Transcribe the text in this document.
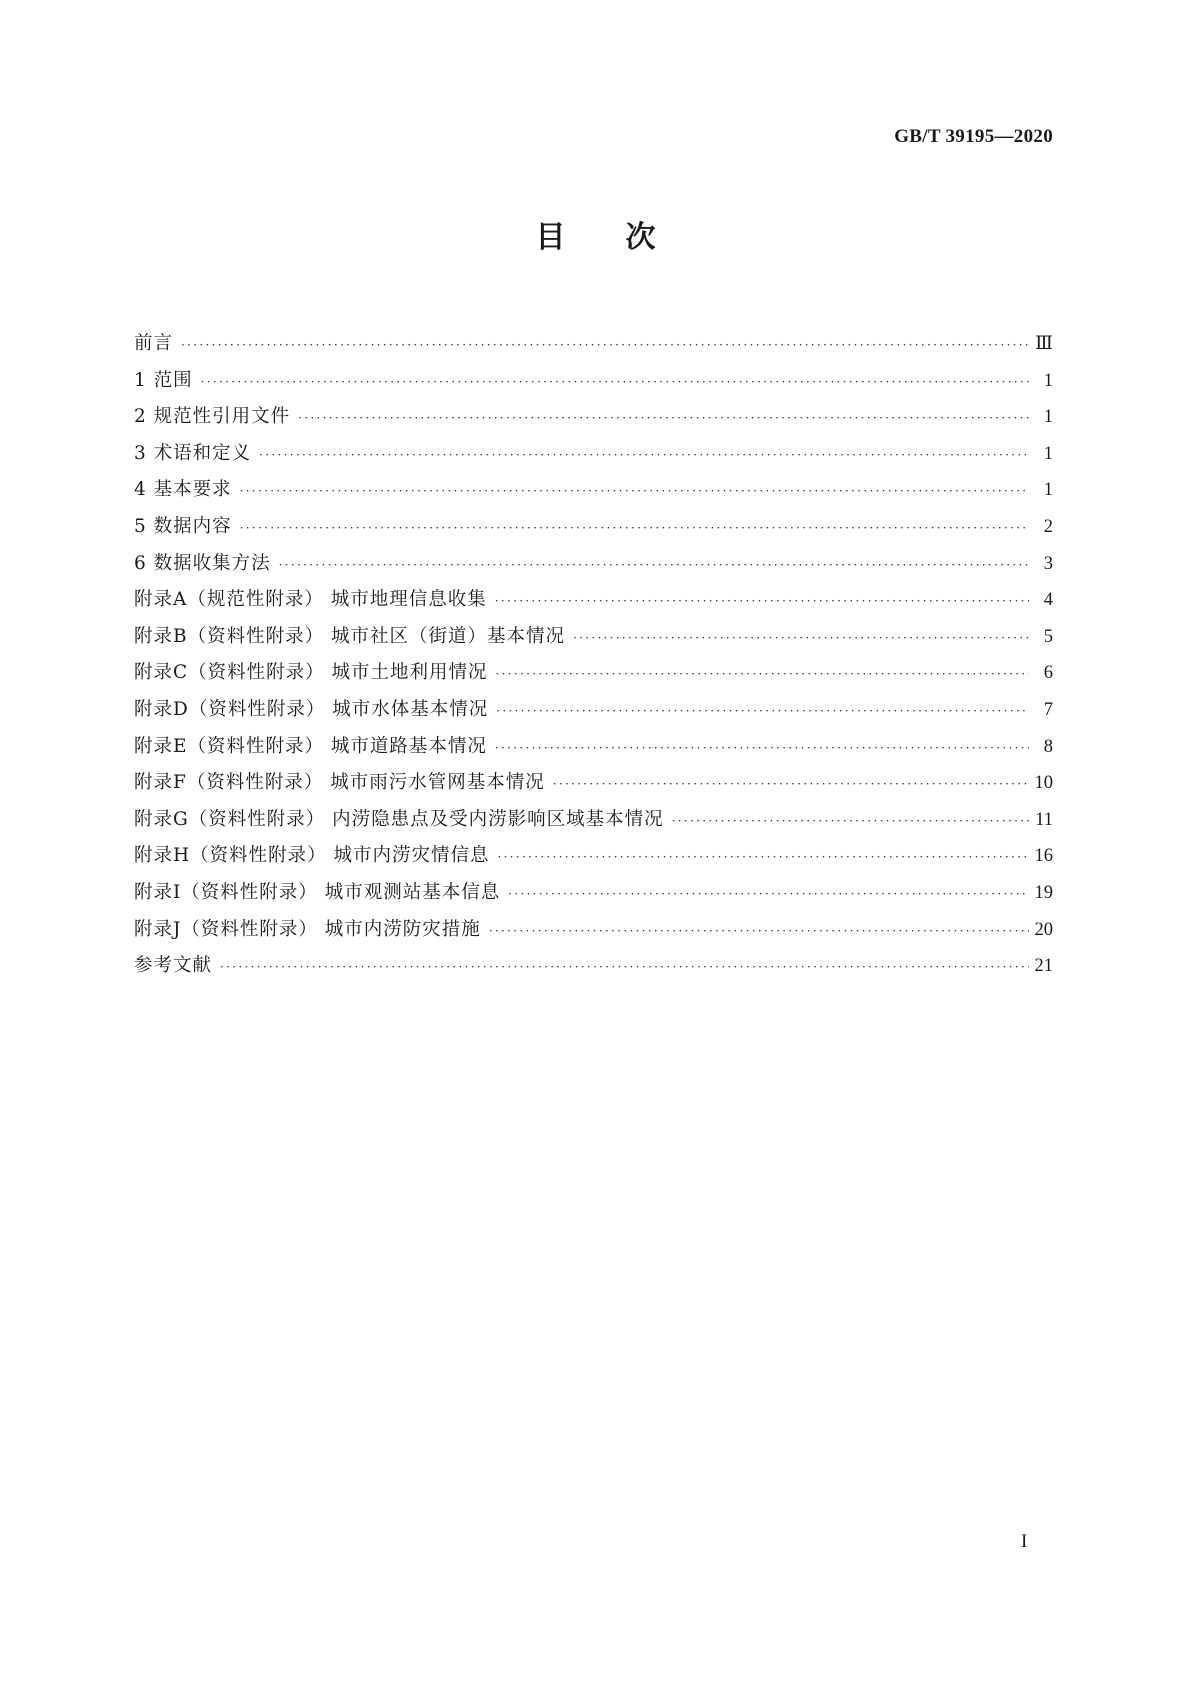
GB/T 39195—2020
目次
前言 ·····	Ⅲ
1 范围 ·····	1
2 规范性引用文件 ·····	1
3 术语和定义 ·····	1
4 基本要求 ·····	1
5 数据内容 ·····	2
6 数据收集方法 ·····	3
附录A（规范性附录） 城市地理信息收集 ·····	4
附录B（资料性附录） 城市社区（街道）基本情况 ·····	5
附录C（资料性附录） 城市土地利用情况 ·····	6
附录D（资料性附录） 城市水体基本情况 ·····	7
附录E（资料性附录） 城市道路基本情况 ·····	8
附录F（资料性附录） 城市雨污水管网基本情况 ·····	10
附录G（资料性附录） 内涝隐患点及受内涝影响区域基本情况 ·····	11
附录H（资料性附录） 城市内涝灾情信息 ·····	16
附录I（资料性附录） 城市观测站基本信息 ·····	19
附录J（资料性附录） 城市内涝防灾措施 ·····	20
参考文献 ·····	21
I
